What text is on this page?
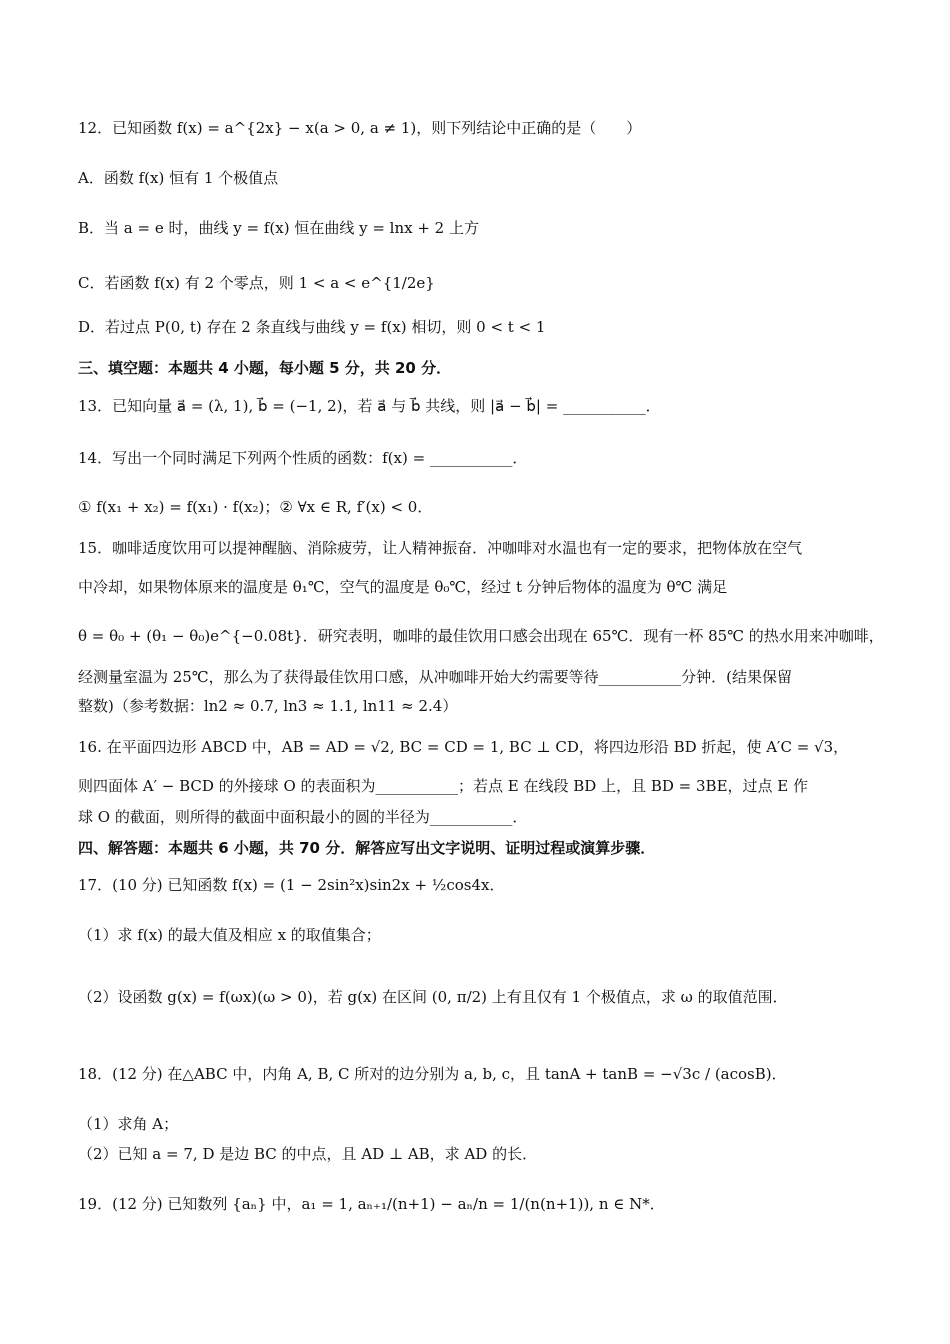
12．已知函数 f(x) = a^{2x} − x(a > 0, a ≠ 1)，则下列结论中正确的是（　　）
A．函数 f(x) 恒有 1 个极值点
B．当 a = e 时，曲线 y = f(x) 恒在曲线 y = lnx + 2 上方
C．若函数 f(x) 有 2 个零点，则 1 < a < e^{1/2e}
D．若过点 P(0, t) 存在 2 条直线与曲线 y = f(x) 相切，则 0 < t < 1
三、填空题：本题共 4 小题，每小题 5 分，共 20 分．
13．已知向量 a⃗ = (λ, 1), b⃗ = (−1, 2)，若 a⃗ 与 b⃗ 共线，则 |a⃗ − b⃗| = ___________．
14．写出一个同时满足下列两个性质的函数：f(x) = ___________．
① f(x₁ + x₂) = f(x₁) · f(x₂)；② ∀x ∈ R, f′(x) < 0．
15．咖啡适度饮用可以提神醒脑、消除疲劳，让人精神振奋．冲咖啡对水温也有一定的要求，把物体放在空气
中冷却，如果物体原来的温度是 θ₁℃，空气的温度是 θ₀℃，经过 t 分钟后物体的温度为 θ℃ 满足
θ = θ₀ + (θ₁ − θ₀)e^{−0.08t}．研究表明，咖啡的最佳饮用口感会出现在 65℃．现有一杯 85℃ 的热水用来冲咖啡，
经测量室温为 25℃，那么为了获得最佳饮用口感，从冲咖啡开始大约需要等待___________分钟．(结果保留
整数)（参考数据：ln2 ≈ 0.7, ln3 ≈ 1.1, ln11 ≈ 2.4）
16. 在平面四边形 ABCD 中，AB = AD = √2, BC = CD = 1, BC ⊥ CD，将四边形沿 BD 折起，使 A′C = √3，
则四面体 A′ − BCD 的外接球 O 的表面积为___________；若点 E 在线段 BD 上，且 BD = 3BE，过点 E 作
球 O 的截面，则所得的截面中面积最小的圆的半径为___________．
四、解答题：本题共 6 小题，共 70 分．解答应写出文字说明、证明过程或演算步骤．
17．(10 分) 已知函数 f(x) = (1 − 2sin²x)sin2x + ½cos4x．
（1）求 f(x) 的最大值及相应 x 的取值集合；
（2）设函数 g(x) = f(ωx)(ω > 0)，若 g(x) 在区间 (0, π/2) 上有且仅有 1 个极值点，求 ω 的取值范围．
18．(12 分) 在△ABC 中，内角 A, B, C 所对的边分别为 a, b, c，且 tanA + tanB = −√3c / (acosB)．
（1）求角 A；
（2）已知 a = 7, D 是边 BC 的中点，且 AD ⊥ AB，求 AD 的长．
19．(12 分) 已知数列 {aₙ} 中，a₁ = 1, aₙ₊₁/(n+1) − aₙ/n = 1/(n(n+1)), n ∈ N*．
